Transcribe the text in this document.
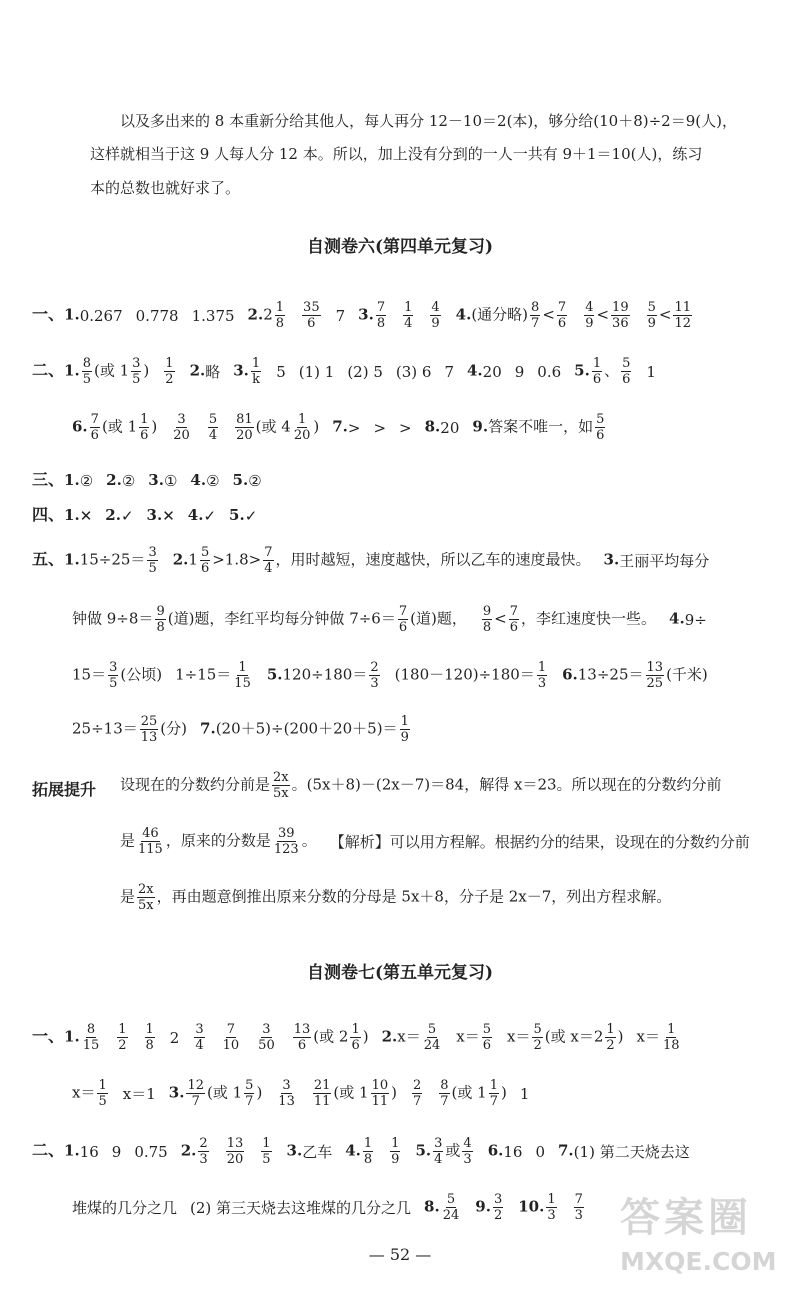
以及多出来的 8 本重新分给其他人，每人再分 12－10＝2(本)，够分给(10＋8)÷2＝9(人)，
这样就相当于这 9 人每人分 12 本。所以，加上没有分到的一人一共有 9＋1＝10(人)，练习
本的总数也就好求了。
自测卷六(第四单元复习)
一、1.0.267 0.778 1.375 $2.2 \frac{1}{8} \frac{35}{6} 7$ 3. $\frac{7}{8} \frac{1}{4} \frac{4}{9} 4$.(通分略) $\frac{8}{7} < \frac{7}{6} \frac{4}{9} < \frac{19}{36} \frac{5}{9} < \frac{11}{12}$
二、1. $\frac{8}{5}$ (或 $1 \frac{3}{5}$ ) $\frac{1}{2} 2$.略 3. $\frac{1}{k} 5$ (1) 1 (2) 5 (3) 6 7 4.20 9 0.6 5. $\frac{1}{6}$ 、 $\frac{5}{6} 1$
6. $\frac{7}{6}$ (或 $1 \frac{1}{6}$ ) $\frac{3}{20} \frac{5}{4} \frac{81}{20}$ (或 $4 \frac{1}{20}$ ) 7.> > > 8.20 9.答案不唯一，如 $\frac{5}{6}$
三、1.② 2.② 3.① 4.② 5.②
四、1.✕ 2.✓ 3.✕ 4.✓ 5.✓
五、$1.15\div 25= \frac{3}{5} 2.1 \frac{5}{6} >1.8> \frac{7}{4}$ ，用时越短，速度越快，所以乙车的速度最快。 3.王丽平均每分
钟做 $9\div 8= \frac{9}{8}$ (道)题，李红平均每分钟做 $7\div 6= \frac{7}{6}$ (道)题， $\frac{9}{8} < \frac{7}{6}$ ，李红速度快一些。 4.9÷
$15= \frac{3}{5}$ (公顷) $1\div 15= \frac{1}{15} 5.120\div 180= \frac{2}{3} (180-120)\div 180= \frac{1}{3} 6.13\div 25= \frac{13}{25}$ (千米)
$25\div 13= \frac{25}{13}$ (分) $7.(20+5)\div(200+20+5)= \frac{1}{9}$
拓展提升 设现在的分数约分前是 $\frac{2x}{5x}$ 。(5x＋8)－(2x－7)＝84，解得 x＝23。所以现在的分数约分前
是 $\frac{46}{115}$ ，原来的分数是 $\frac{39}{123}$ 。 【解析】可以用方程解。根据约分的结果，设现在的分数约分前
是 $\frac{2x}{5x}$ ，再由题意倒推出原来分数的分母是 5x＋8，分子是 2x－7，列出方程求解。
自测卷七(第五单元复习)
一、1. $\frac{8}{15} \frac{1}{2} \frac{1}{8} 2 \frac{3}{4} \frac{7}{10} \frac{3}{50} \frac{13}{6}$ (或 $2 \frac{1}{6}$ ) $2.x= \frac{5}{24} x= \frac{5}{6} x= \frac{5}{2}$ (或 $x=2 \frac{1}{2}$ ) $x= \frac{1}{18}$
$x= \frac{1}{5} x=1$ 3. $\frac{12}{7}$ (或 $1 \frac{5}{7}$ ) $\frac{3}{13} \frac{21}{11}$ (或 $1 \frac{10}{11}$ ) $\frac{2}{7} \frac{8}{7}$ (或 $1 \frac{1}{7}$ ) 1
二、1.16 9 0.75 2. $\frac{2}{3} \frac{13}{20} \frac{1}{5} 3$.乙车 4. $\frac{1}{8} \frac{1}{9} 5$. $\frac{3}{4}$ 或 $\frac{4}{3} 6.16$ 0 7.(1) 第二天烧去这
堆煤的几分之几 (2) 第三天烧去这堆煤的几分之几 8. $\frac{5}{24} 9$. $\frac{3}{2} 10$. $\frac{1}{3} \frac{7}{3}$
— 52 —
答案圈
MXQE.COM
